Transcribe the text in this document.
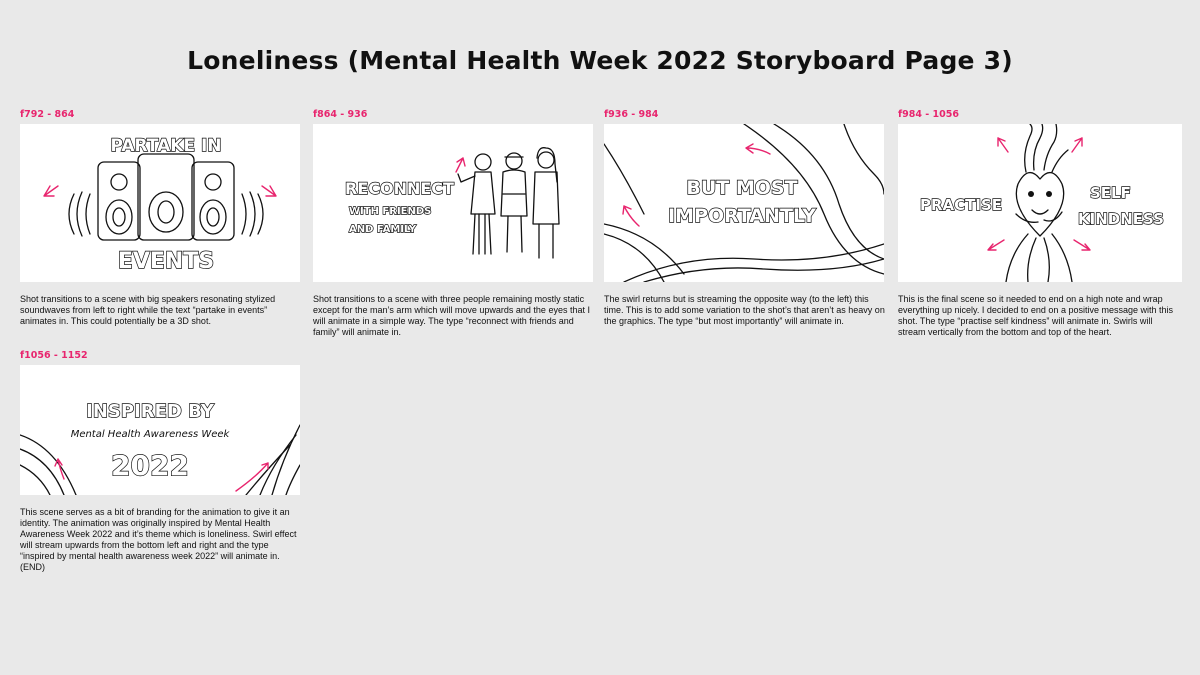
Loneliness (Mental Health Week 2022 Storyboard Page 3)
f792 - 864
PARTAKE IN
EVENTS
Shot transitions to a scene with big speakers resonating stylized soundwaves from left to right while the text “partake in events” animates in. This could potentially be a 3D shot.
f864 - 936
RECONNECT
WITH FRIENDS
AND FAMILY
Shot transitions to a scene with three people remaining mostly static except for the man’s arm which will move upwards and the eyes that I will animate in a simple way. The type “reconnect with friends and family” will animate in.
f936 - 984
BUT MOST
IMPORTANTLY
The swirl returns but is streaming the opposite way (to the left) this time. This is to add some variation to the shot’s that aren’t as heavy on the graphics. The type “but most importantly” will animate in.
f984 - 1056
PRACTISE
SELF
KINDNESS
This is the final scene so it needed to end on a high note and wrap everything up nicely. I decided to end on a positive message with this shot. The type “practise self kindness” will animate in. Swirls will stream vertically from the bottom and top of the heart.
f1056 - 1152
INSPIRED BY
Mental Health Awareness Week
2022
This scene serves as a bit of branding for the animation to give it an identity. The animation was originally inspired by Mental Health Awareness Week 2022 and it’s theme which is loneliness. Swirl effect will stream upwards from the bottom left and right and the type “inspired by mental health awareness week 2022” will animate in. (END)
